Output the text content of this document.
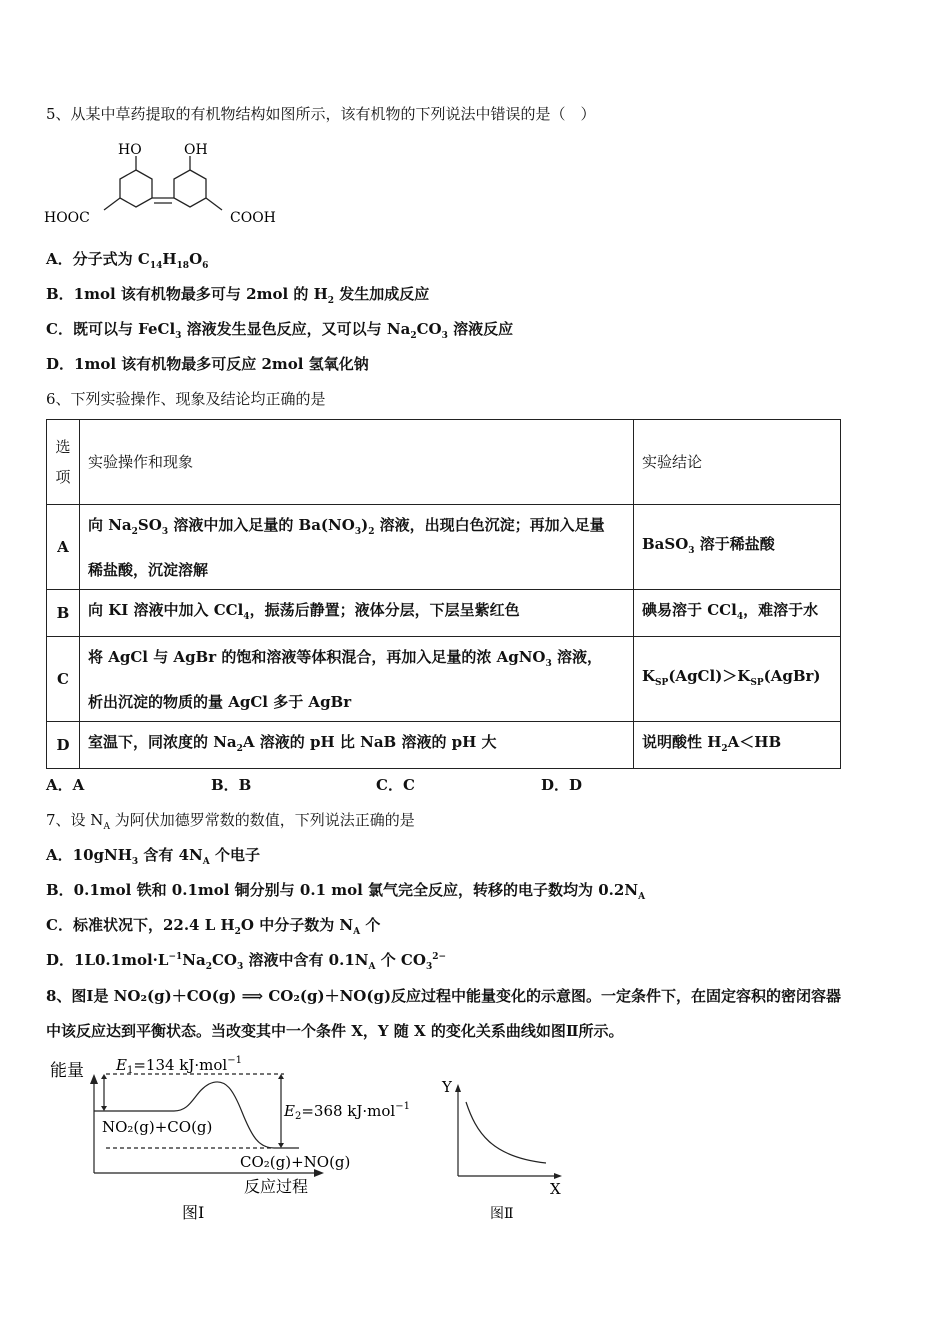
5、从某中草药提取的有机物结构如图所示，该有机物的下列说法中错误的是（　）
HO	OH
HOOC	COOH
A．分子式为 $C_{14}H_{18}O_6$
B．1mol 该有机物最多可与 2mol 的 $H_2$ 发生加成反应
C．既可以与 FeCl$_3$ 溶液发生显色反应，又可以与 $Na_2CO_3$ 溶液反应
D．1mol 该有机物最多可反应 2mol 氢氧化钠
6、下列实验操作、现象及结论均正确的是
选
项	实验操作和现象	实验结论
A	向 $Na_2SO_3$ 溶液中加入足量的 $Ba(NO_3)_2$ 溶液，出现白色沉淀；再加入足量
稀盐酸，沉淀溶解	BaSO$_3$ 溶于稀盐酸
B	向 KI 溶液中加入 CCl$_4$，振荡后静置；液体分层，下层呈紫红色	碘易溶于 CCl$_4$，难溶于水
C	将 AgCl 与 AgBr 的饱和溶液等体积混合，再加入足量的浓 AgNO$_3$ 溶液，
析出沉淀的物质的量 AgCl 多于 AgBr	$K_{SP}(AgCl)>K_{SP}(AgBr)$
D	室温下，同浓度的 $Na_2A$ 溶液的 pH 比 NaB 溶液的 pH 大	说明酸性 $H_2A<HB$
A．A	B．B	C．C	D．D
7、设 $N_A$ 为阿伏加德罗常数的数值，下列说法正确的是
A．10gNH$_3$ 含有 $4N_A$ 个电子
B．0.1mol 铁和 0.1mol 铜分别与 0.1 mol 氯气完全反应，转移的电子数均为 $0.2N_A$
C．标准状况下，22.4 L $H_2O$ 中分子数为 $N_A$ 个
D．$1L0.1mol\cdot L^{-1}Na_2CO_3$ 溶液中含有 $0.1N_A$ 个 $CO_3^{2-}$
8、图Ⅰ是 NO₂(g)＋CO(g) ⟹ CO₂(g)＋NO(g)反应过程中能量变化的示意图。一定条件下，在固定容积的密闭容器
中该反应达到平衡状态。当改变其中一个条件 X，Y 随 X 的变化关系曲线如图Ⅱ所示。
能量 $E_1=134$ kJ·mol$^{-1}$
$E_2=368$ kJ·mol$^{-1}$
NO₂(g)+CO(g)
CO₂(g)+NO(g)
反应过程
图Ⅰ
Y
X
图Ⅱ
